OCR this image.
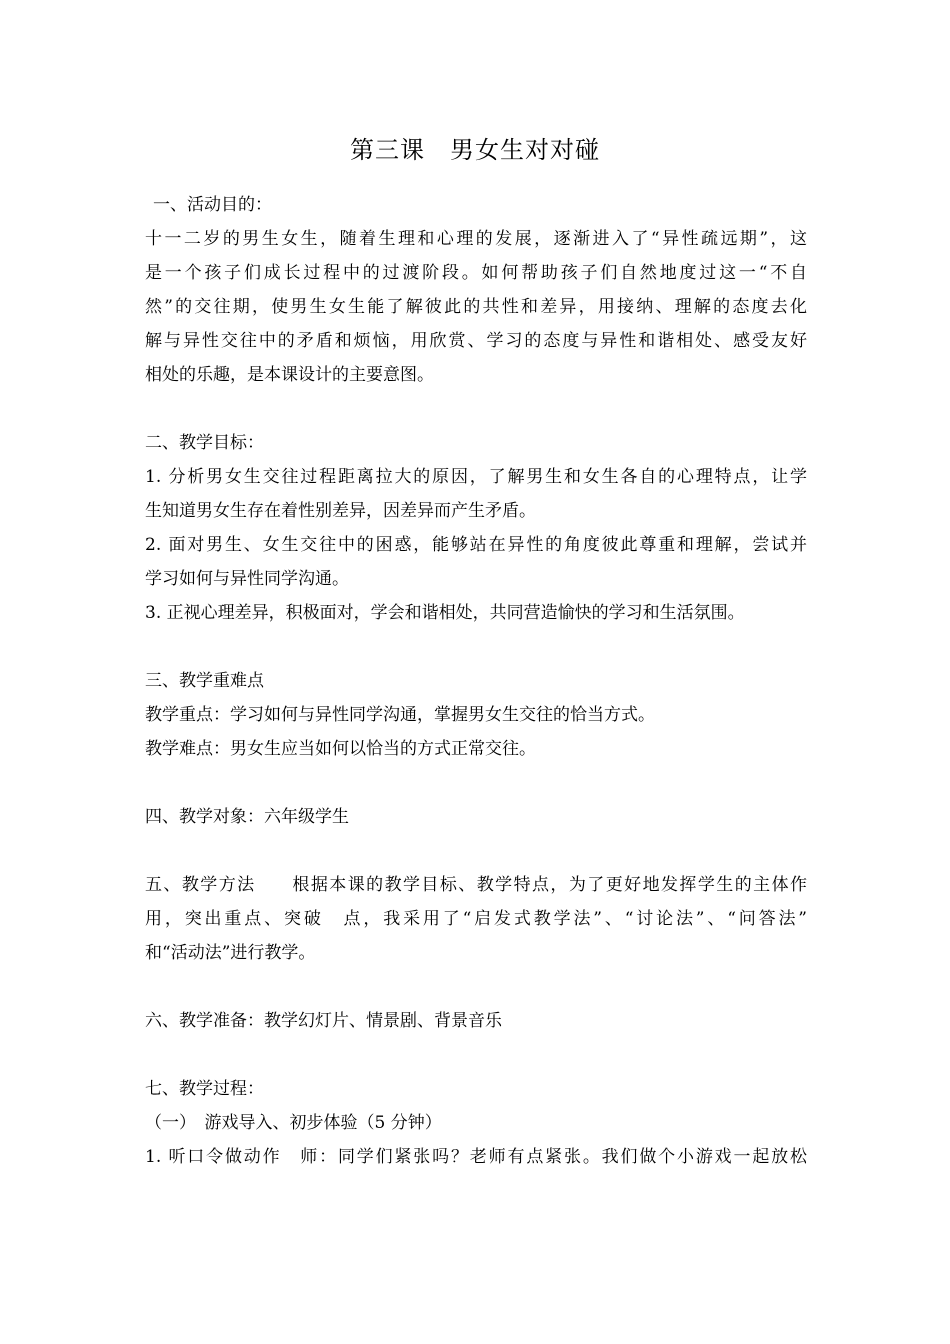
第三课　男女生对对碰
一、活动目的：
十一二岁的男生女生，随着生理和心理的发展，逐渐进入了“异性疏远期”，这
是一个孩子们成长过程中的过渡阶段。如何帮助孩子们自然地度过这一“不自
然”的交往期，使男生女生能了解彼此的共性和差异，用接纳、理解的态度去化
解与异性交往中的矛盾和烦恼，用欣赏、学习的态度与异性和谐相处、感受友好
相处的乐趣，是本课设计的主要意图。
二、教学目标：
1. 分析男女生交往过程距离拉大的原因，了解男生和女生各自的心理特点，让学
生知道男女生存在着性别差异，因差异而产生矛盾。
2. 面对男生、女生交往中的困惑，能够站在异性的角度彼此尊重和理解，尝试并
学习如何与异性同学沟通。
3. 正视心理差异，积极面对，学会和谐相处，共同营造愉快的学习和生活氛围。
三、教学重难点
教学重点：学习如何与异性同学沟通，掌握男女生交往的恰当方式。
教学难点：男女生应当如何以恰当的方式正常交往。
四、教学对象：六年级学生
五、教学方法　　根据本课的教学目标、教学特点，为了更好地发挥学生的主体作
用，突出重点、突破　点，我采用了“启发式教学法”、“讨论法”、“问答法”
和“活动法”进行教学。
六、教学准备：教学幻灯片、情景剧、背景音乐
七、教学过程：
（一）　游戏导入、初步体验（5 分钟）
1. 听口令做动作　师：同学们紧张吗？老师有点紧张。我们做个小游戏一起放松
